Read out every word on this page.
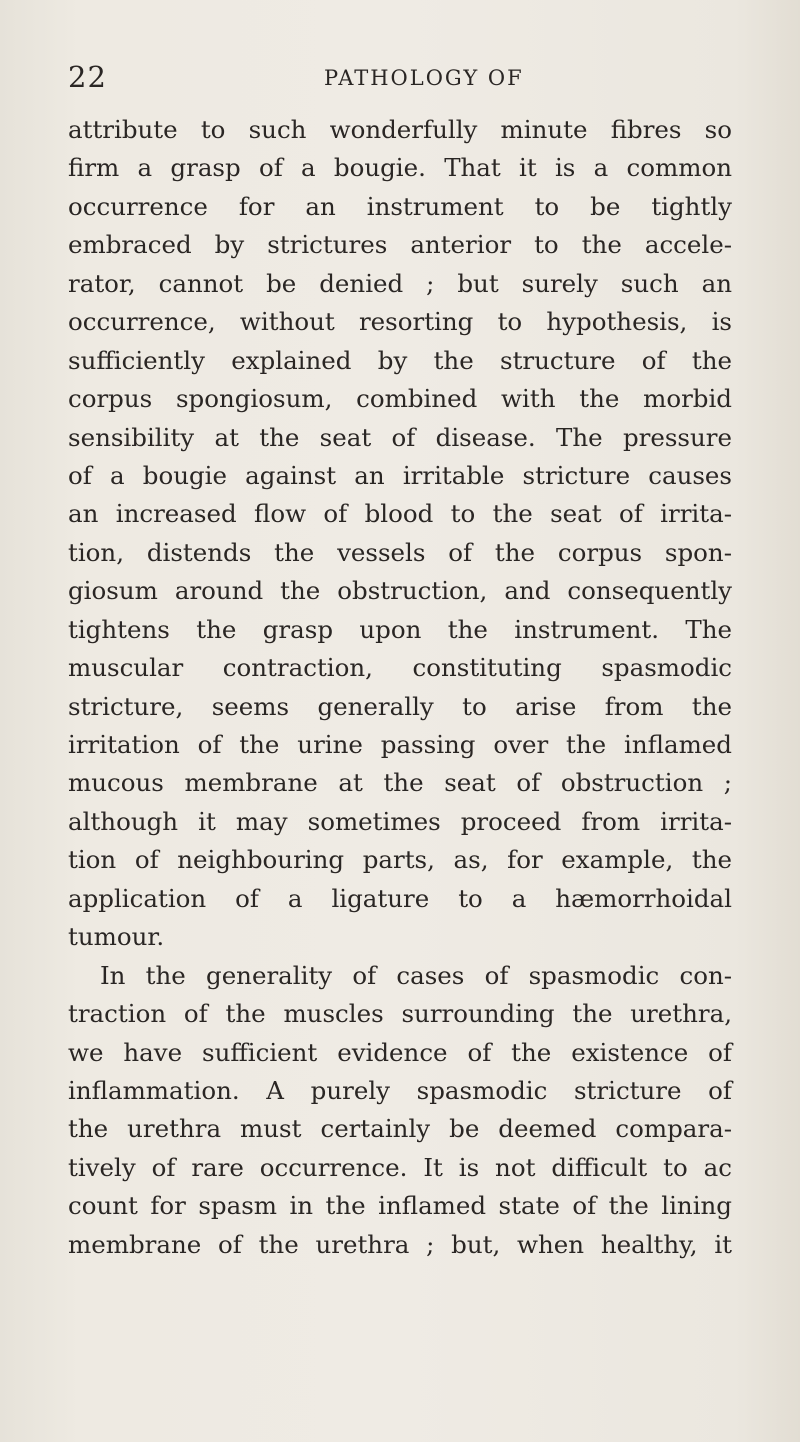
22	PATHOLOGY OF
attribute to such wonderfully minute fibres so
firm a grasp of a bougie. That it is a common
occurrence for an instrument to be tightly
embraced by strictures anterior to the accele-
rator, cannot be denied ; but surely such an
occurrence, without resorting to hypothesis, is
sufficiently explained by the structure of the
corpus spongiosum, combined with the morbid
sensibility at the seat of disease. The pressure
of a bougie against an irritable stricture causes
an increased flow of blood to the seat of irrita-
tion, distends the vessels of the corpus spon-
giosum around the obstruction, and consequently
tightens the grasp upon the instrument. The
muscular contraction, constituting spasmodic
stricture, seems generally to arise from the
irritation of the urine passing over the inflamed
mucous membrane at the seat of obstruction ;
although it may sometimes proceed from irrita-
tion of neighbouring parts, as, for example, the
application of a ligature to a hæmorrhoidal
tumour.
In the generality of cases of spasmodic con-
traction of the muscles surrounding the urethra,
we have sufficient evidence of the existence of
inflammation. A purely spasmodic stricture of
the urethra must certainly be deemed compara-
tively of rare occurrence. It is not difficult to ac
count for spasm in the inflamed state of the lining
membrane of the urethra ; but, when healthy, it
